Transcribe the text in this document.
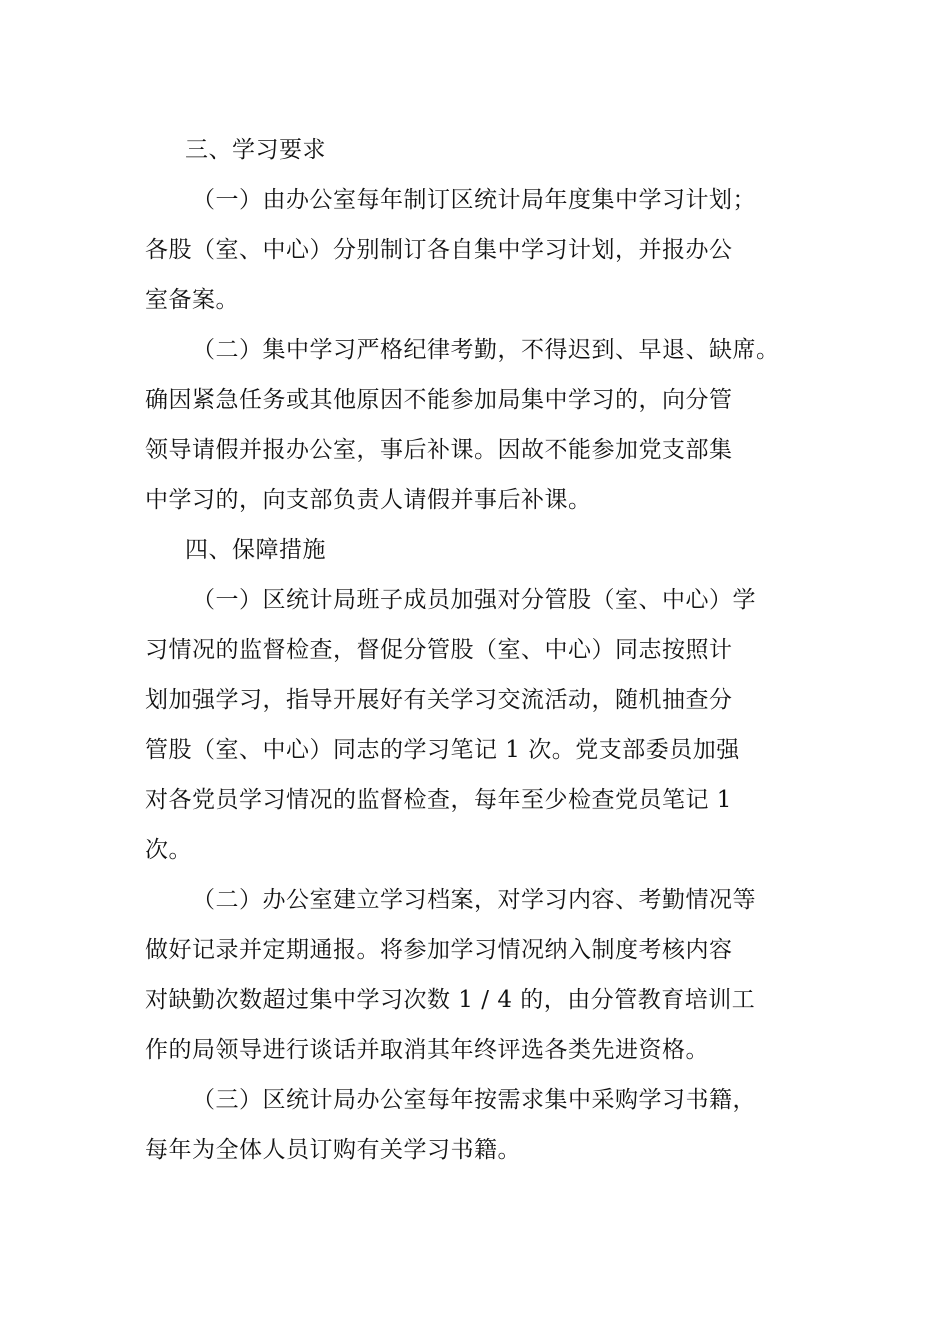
三、学习要求
（一）由办公室每年制订区统计局年度集中学习计划；
各股（室、中心）分别制订各自集中学习计划，并报办公
室备案。
（二）集中学习严格纪律考勤，不得迟到、早退、缺席。
确因紧急任务或其他原因不能参加局集中学习的，向分管
领导请假并报办公室，事后补课。因故不能参加党支部集
中学习的，向支部负责人请假并事后补课。
四、保障措施
（一）区统计局班子成员加强对分管股（室、中心）学
习情况的监督检查，督促分管股（室、中心）同志按照计
划加强学习，指导开展好有关学习交流活动，随机抽查分
管股（室、中心）同志的学习笔记 1 次。党支部委员加强
对各党员学习情况的监督检查，每年至少检查党员笔记 1
次。
（二）办公室建立学习档案，对学习内容、考勤情况等
做好记录并定期通报。将参加学习情况纳入制度考核内容
对缺勤次数超过集中学习次数 1 / 4 的，由分管教育培训工
作的局领导进行谈话并取消其年终评选各类先进资格。
（三）区统计局办公室每年按需求集中采购学习书籍，
每年为全体人员订购有关学习书籍。
